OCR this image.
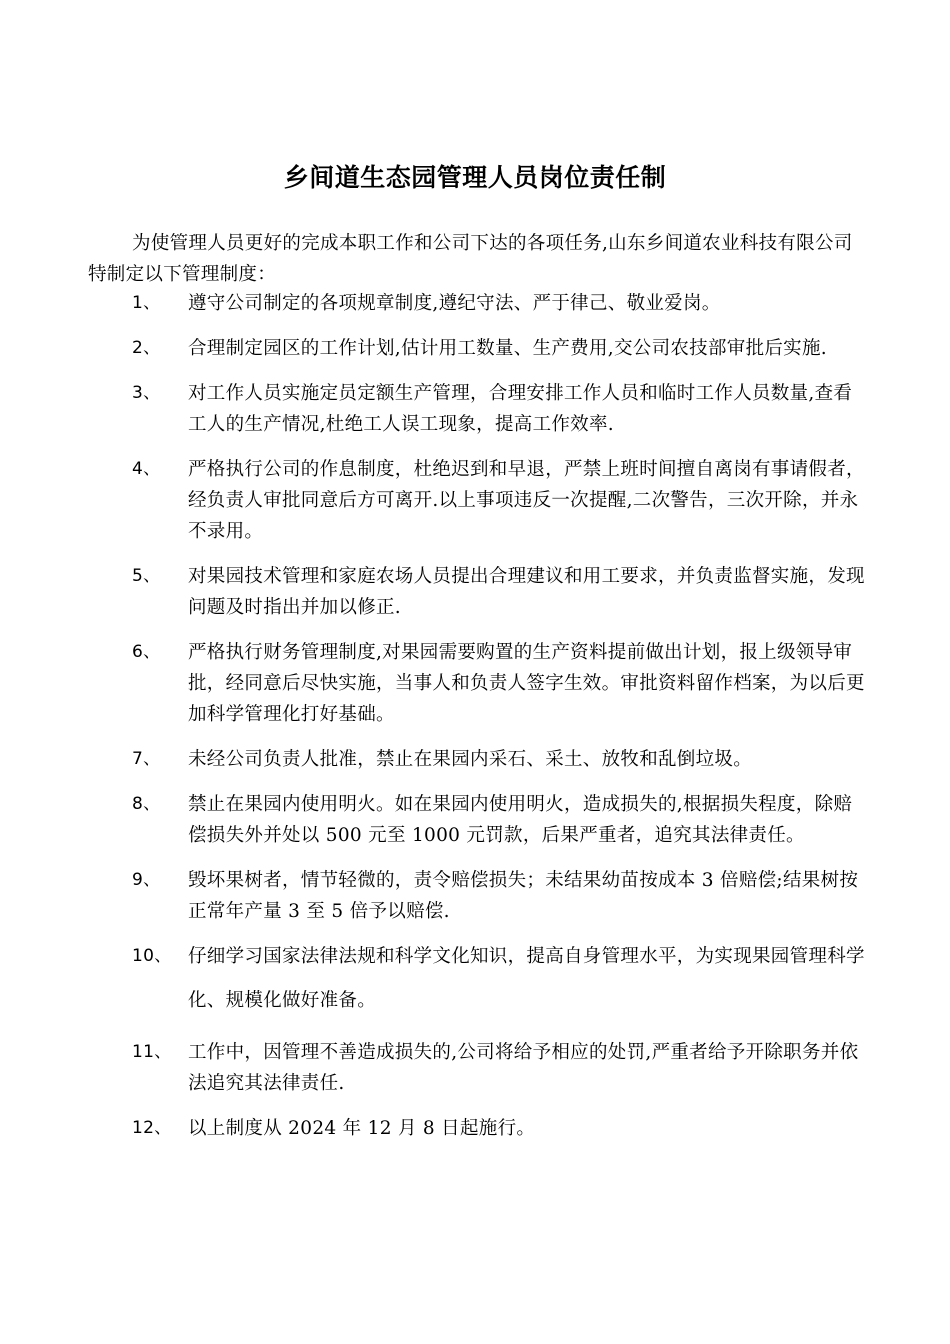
乡间道生态园管理人员岗位责任制
为使管理人员更好的完成本职工作和公司下达的各项任务,山东乡间道农业科技有限公司特制定以下管理制度：
1、	遵守公司制定的各项规章制度,遵纪守法、严于律己、敬业爱岗。
2、	合理制定园区的工作计划,估计用工数量、生产费用,交公司农技部审批后实施.
3、	对工作人员实施定员定额生产管理，合理安排工作人员和临时工作人员数量,查看工人的生产情况,杜绝工人误工现象，提高工作效率.
4、	严格执行公司的作息制度，杜绝迟到和早退，严禁上班时间擅自离岗有事请假者，经负责人审批同意后方可离开.以上事项违反一次提醒,二次警告，三次开除，并永不录用。
5、	对果园技术管理和家庭农场人员提出合理建议和用工要求，并负责监督实施，发现问题及时指出并加以修正.
6、	严格执行财务管理制度,对果园需要购置的生产资料提前做出计划，报上级领导审批，经同意后尽快实施，当事人和负责人签字生效。审批资料留作档案，为以后更加科学管理化打好基础。
7、	未经公司负责人批准，禁止在果园内采石、采土、放牧和乱倒垃圾。
8、	禁止在果园内使用明火。如在果园内使用明火，造成损失的,根据损失程度，除赔偿损失外并处以 500 元至 1000 元罚款，后果严重者，追究其法律责任。
9、	毁坏果树者，情节轻微的，责令赔偿损失；未结果幼苗按成本 3 倍赔偿;结果树按正常年产量 3 至 5 倍予以赔偿.
10、 仔细学习国家法律法规和科学文化知识，提高自身管理水平，为实现果园管理科学化、规模化做好准备。
11、 工作中，因管理不善造成损失的,公司将给予相应的处罚,严重者给予开除职务并依法追究其法律责任.
12、 以上制度从 2024 年 12 月 8 日起施行。
